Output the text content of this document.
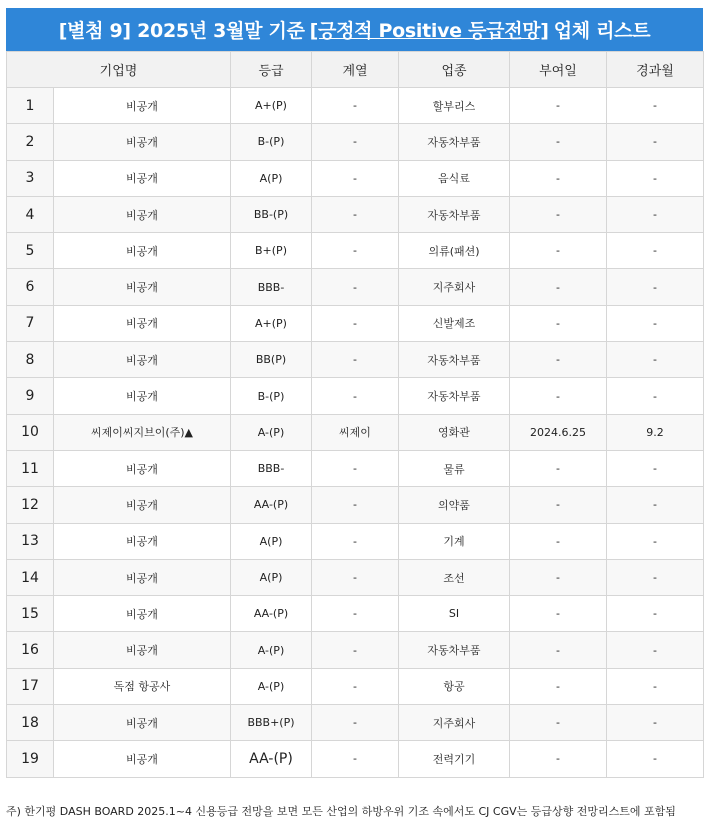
[별첨 9] 2025년 3월말 기준 [긍정적 Positive 등급전망] 업체 리스트
기업명		등급	계열	업종	부여일	경과월
1	비공개	A+(P)	-	할부리스	-	-
2	비공개	B-(P)	-	자동차부품	-	-
3	비공개	A(P)	-	음식료	-	-
4	비공개	BB-(P)	-	자동차부품	-	-
5	비공개	B+(P)	-	의류(패션)	-	-
6	비공개	BBB-	-	지주회사	-	-
7	비공개	A+(P)	-	신발제조	-	-
8	비공개	BB(P)	-	자동차부품	-	-
9	비공개	B-(P)	-	자동차부품	-	-
10	씨제이씨지브이(주)▲	A-(P)	씨제이	영화관	2024.6.25	9.2
11	비공개	BBB-	-	물류	-	-
12	비공개	AA-(P)	-	의약품	-	-
13	비공개	A(P)	-	기계	-	-
14	비공개	A(P)	-	조선	-	-
15	비공개	AA-(P)	-	SI	-	-
16	비공개	A-(P)	-	자동차부품	-	-
17	독점 항공사	A-(P)	-	항공	-	-
18	비공개	BBB+(P)	-	지주회사	-	-
19	비공개	AA-(P)	-	전력기기	-	-
주) 한기평 DASH BOARD 2025.1~4 신용등급 전망을 보면 모든 산업의 하방우위 기조 속에서도 CJ CGV는 등급상향 전망리스트에 포함됨
